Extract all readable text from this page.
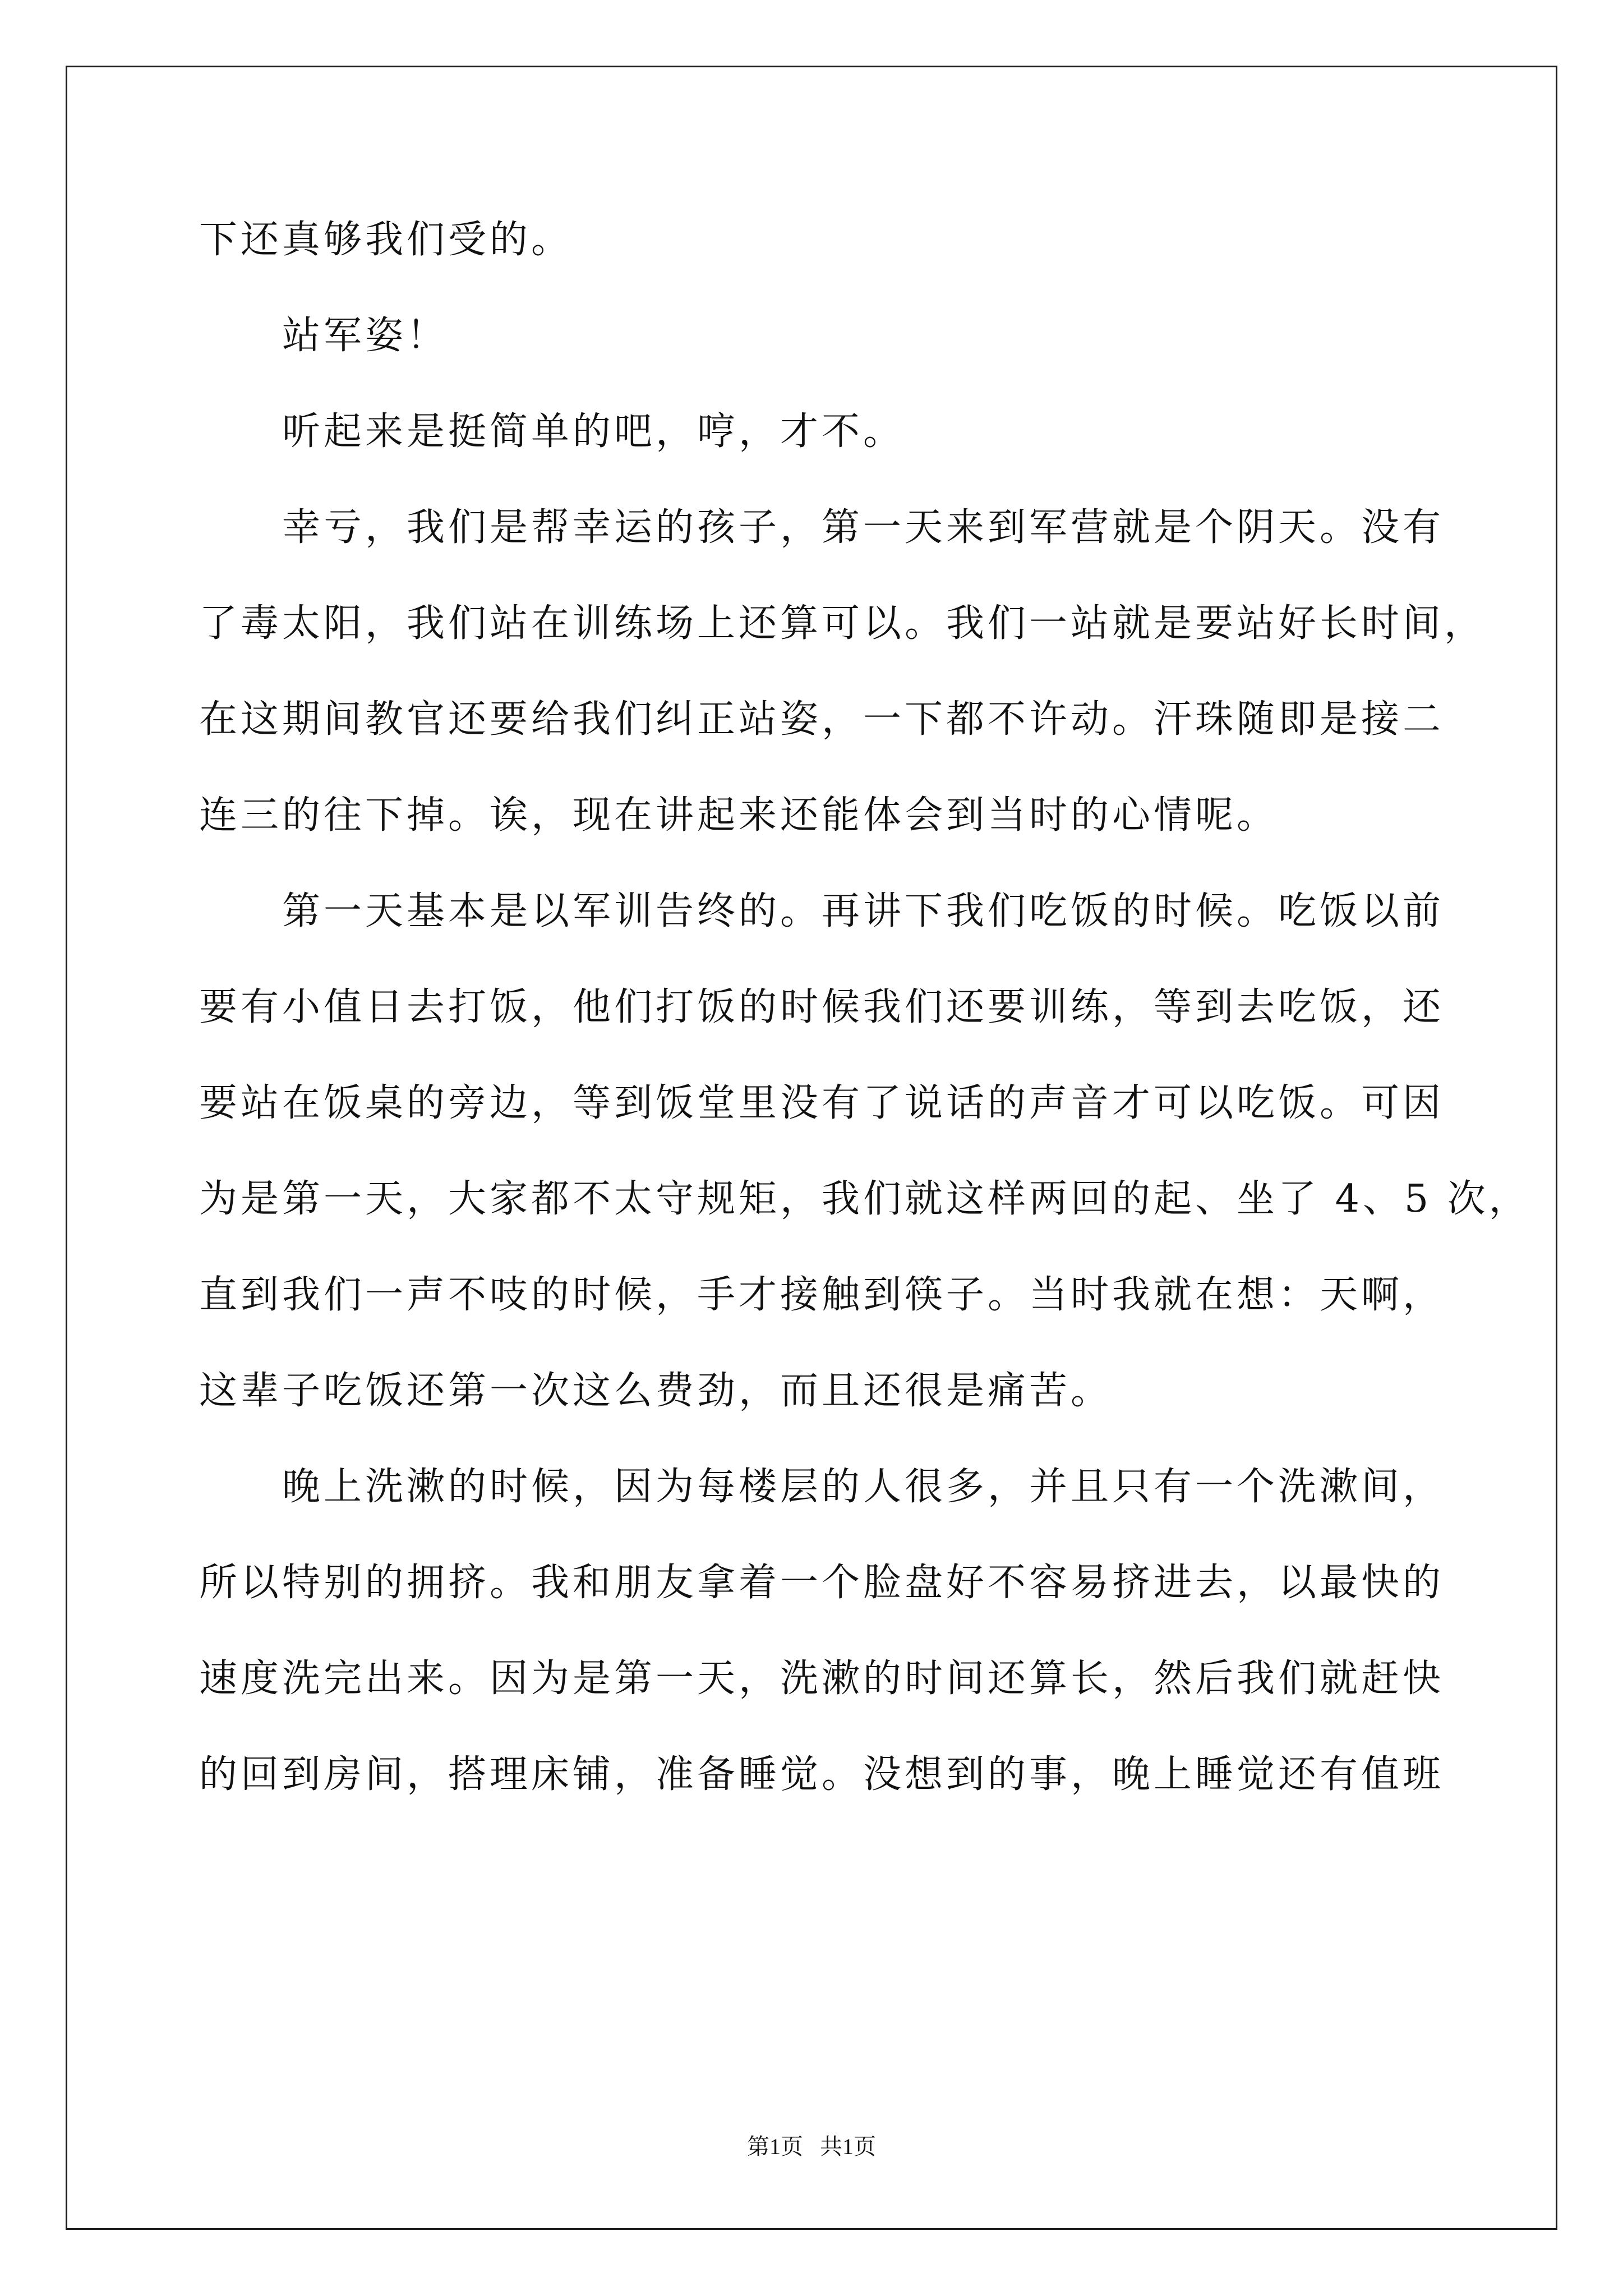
下还真够我们受的。
　　站军姿！
　　听起来是挺简单的吧，哼，才不。
　　幸亏，我们是帮幸运的孩子，第一天来到军营就是个阴天。没有
了毒太阳，我们站在训练场上还算可以。我们一站就是要站好长时间，
在这期间教官还要给我们纠正站姿，一下都不许动。汗珠随即是接二
连三的往下掉。诶，现在讲起来还能体会到当时的心情呢。
　　第一天基本是以军训告终的。再讲下我们吃饭的时候。吃饭以前
要有小值日去打饭，他们打饭的时候我们还要训练，等到去吃饭，还
要站在饭桌的旁边，等到饭堂里没有了说话的声音才可以吃饭。可因
为是第一天，大家都不太守规矩，我们就这样两回的起、坐了 4、5 次，
直到我们一声不吱的时候，手才接触到筷子。当时我就在想：天啊，
这辈子吃饭还第一次这么费劲，而且还很是痛苦。
　　晚上洗漱的时候，因为每楼层的人很多，并且只有一个洗漱间，
所以特别的拥挤。我和朋友拿着一个脸盘好不容易挤进去，以最快的
速度洗完出来。因为是第一天，洗漱的时间还算长，然后我们就赶快
的回到房间，搭理床铺，准备睡觉。没想到的事，晚上睡觉还有值班
第1页   共1页
